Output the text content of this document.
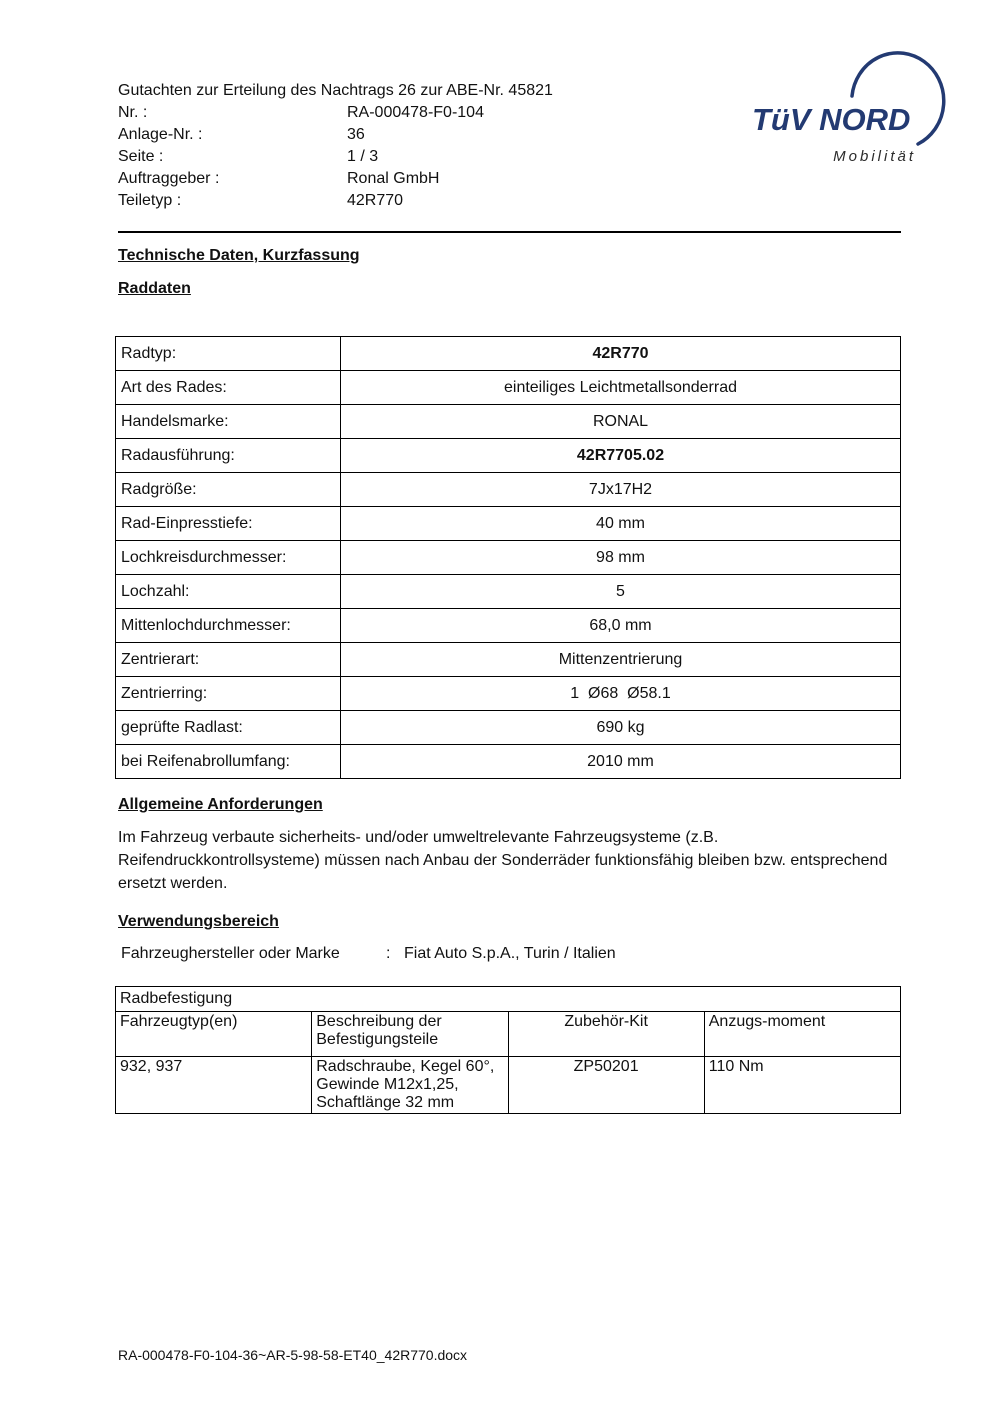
Gutachten zur Erteilung des Nachtrags 26 zur ABE-Nr. 45821
Nr. :	RA-000478-F0-104
Anlage-Nr. :	36
Seite :	1 / 3
Auftraggeber :	Ronal GmbH
Teiletyp :	42R770
TüV NORD
Mobilität
Technische Daten, Kurzfassung
Raddaten
Radtyp:	42R770
Art des Rades:	einteiliges Leichtmetallsonderrad
Handelsmarke:	RONAL
Radausführung:	42R7705.02
Radgröße:	7Jx17H2
Rad-Einpresstiefe:	40 mm
Lochkreisdurchmesser:	98 mm
Lochzahl:	5
Mittenlochdurchmesser:	68,0 mm
Zentrierart:	Mittenzentrierung
Zentrierring:	1  Ø68  Ø58.1
geprüfte Radlast:	690 kg
bei Reifenabrollumfang:	2010 mm
Allgemeine Anforderungen
Im Fahrzeug verbaute sicherheits- und/oder umweltrelevante Fahrzeugsysteme (z.B. Reifendruckkontrollsysteme) müssen nach Anbau der Sonderräder funktionsfähig bleiben bzw. entsprechend ersetzt werden.
Verwendungsbereich
Fahrzeughersteller oder Marke	: Fiat Auto S.p.A., Turin / Italien
Radbefestigung			
Fahrzeugtyp(en)	Beschreibung der Befestigungsteile	Zubehör-Kit	Anzugs-moment
932, 937	Radschraube, Kegel 60°, Gewinde M12x1,25, Schaftlänge 32 mm	ZP50201	110 Nm
RA-000478-F0-104-36~AR-5-98-58-ET40_42R770.docx
